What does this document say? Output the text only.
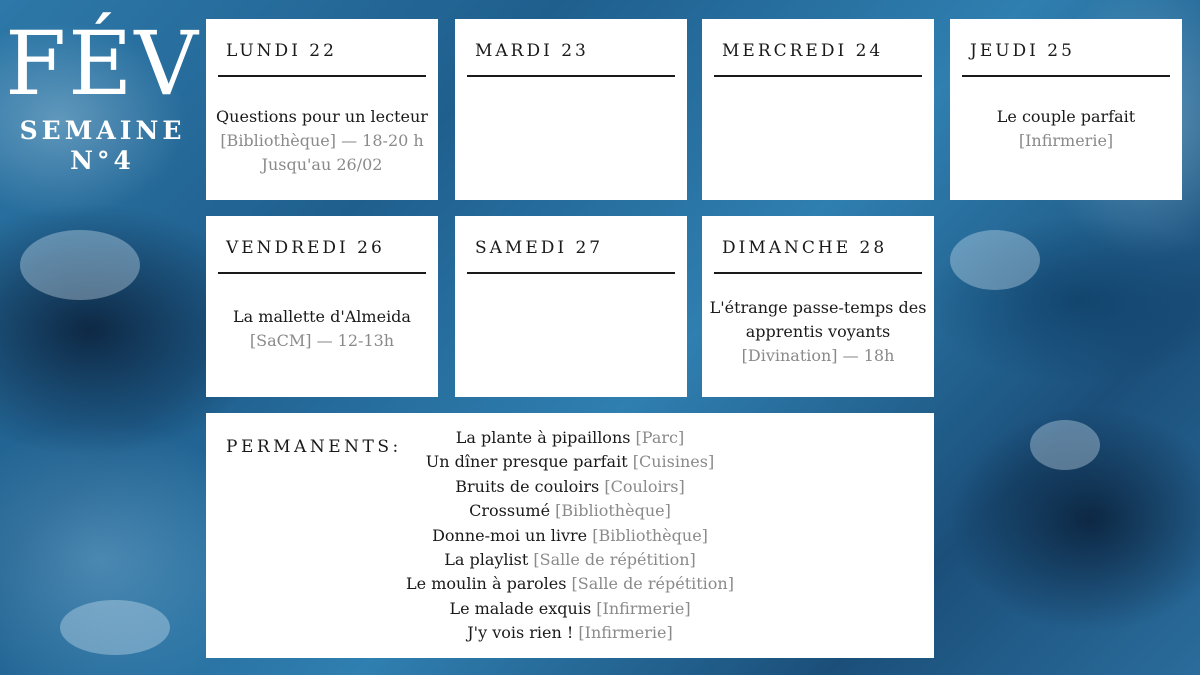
FÉV
SEMAINE
N°4
LUNDI 22
Questions pour un lecteur
[Bibliothèque] — 18-20 h
Jusqu'au 26/02
MARDI 23	MERCREDI 24	JEUDI 25
Le couple parfait
[Infirmerie]
VENDREDI 26
La mallette d'Almeida
[SaCM] — 12-13h
SAMEDI 27	DIMANCHE 28
L'étrange passe-temps des
apprentis voyants
[Divination] — 18h
PERMANENTS:	La plante à pipaillons [Parc]
Un dîner presque parfait [Cuisines]
Bruits de couloirs [Couloirs]
Crossumé [Bibliothèque]
Donne-moi un livre [Bibliothèque]
La playlist [Salle de répétition]
Le moulin à paroles [Salle de répétition]
Le malade exquis [Infirmerie]
J'y vois rien ! [Infirmerie]
